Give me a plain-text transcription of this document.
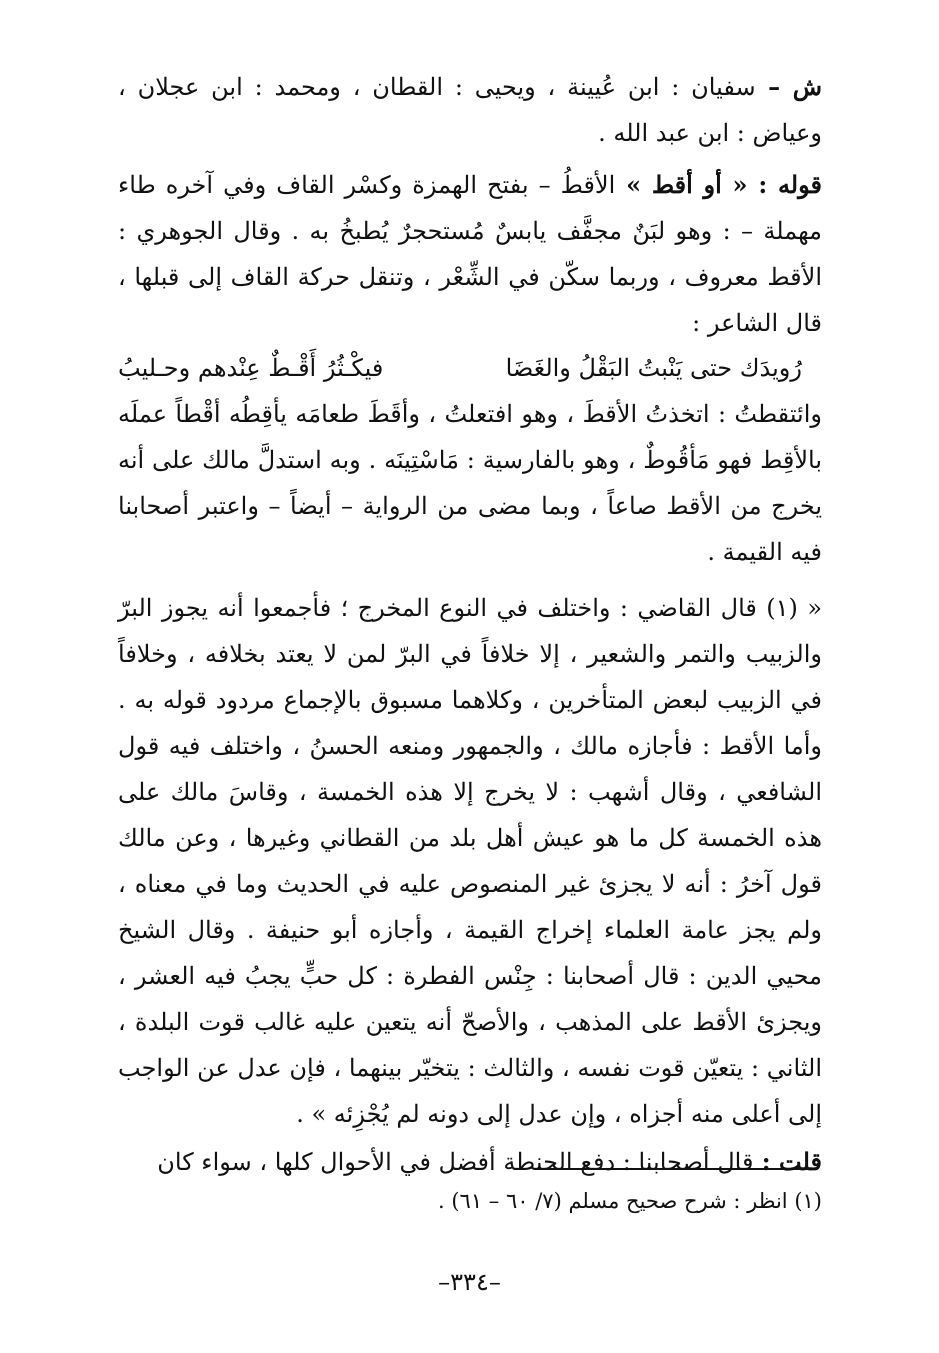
ش – سفيان : ابن عُيينة ، ويحيى : القطان ، ومحمد : ابن عجلان ، وعياض : ابن عبد الله .

قوله : « أو أقط » الأقطُ – بفتح الهمزة وكسْر القاف وفي آخره طاء مهملة – : وهو لبَنٌ مجفَّف يابسٌ مُستحجرٌ يُطبخُ به . وقال الجوهري : الأقط معروف ، وربما سكّن في الشِّعْر ، وتنقل حركة القاف إلى قبلها ، قال الشاعر :

رُويدَك حتى يَنْبتُ البَقْلُ والغَضَا
فيكْـثُرُ أَقْـطٌ عِنْدهم وحـليبُ

وائتقطتُ : اتخذتُ الأقطَ ، وهو افتعلتُ ، وأقَطَ طعامَه يأقِطُه أقْطاً عملَه بالأقِط فهو مَأقُوطٌ ، وهو بالفارسية : مَاسْتِينَه . وبه استدلَّ مالك على أنه يخرج من الأقط صاعاً ، وبما مضى من الرواية – أيضاً – واعتبر أصحابنا فيه القيمة .

« (١) قال القاضي : واختلف في النوع المخرج ؛ فأجمعوا أنه يجوز البرّ والزبيب والتمر والشعير ، إلا خلافاً في البرّ لمن لا يعتد بخلافه ، وخلافاً في الزبيب لبعض المتأخرين ، وكلاهما مسبوق بالإجماع مردود قوله به . وأما الأقط : فأجازه مالك ، والجمهور ومنعه الحسنُ ، واختلف فيه قول الشافعي ، وقال أشهب : لا يخرج إلا هذه الخمسة ، وقاسَ مالك على هذه الخمسة كل ما هو عيش أهل بلد من القطاني وغيرها ، وعن مالك قول آخرُ : أنه لا يجزئ غير المنصوص عليه في الحديث وما في معناه ، ولم يجز عامة العلماء إخراج القيمة ، وأجازه أبو حنيفة . وقال الشيخ محيي الدين : قال أصحابنا : جِنْس الفطرة : كل حبٍّ يجبُ فيه العشر ، ويجزئ الأقط على المذهب ، والأصحّ أنه يتعين عليه غالب قوت البلدة ، الثاني : يتعيّن قوت نفسه ، والثالث : يتخيّر بينهما ، فإن عدل عن الواجب إلى أعلى منه أجزاه ، وإن عدل إلى دونه لم يُجْزِئه » .

قلت : قال أصحابنا : دفع الحنطة أفضل في الأحوال كلها ، سواء كان

(١) انظر : شرح صحيح مسلم (٧/ ٦٠ – ٦١) .
–٣٣٤–
